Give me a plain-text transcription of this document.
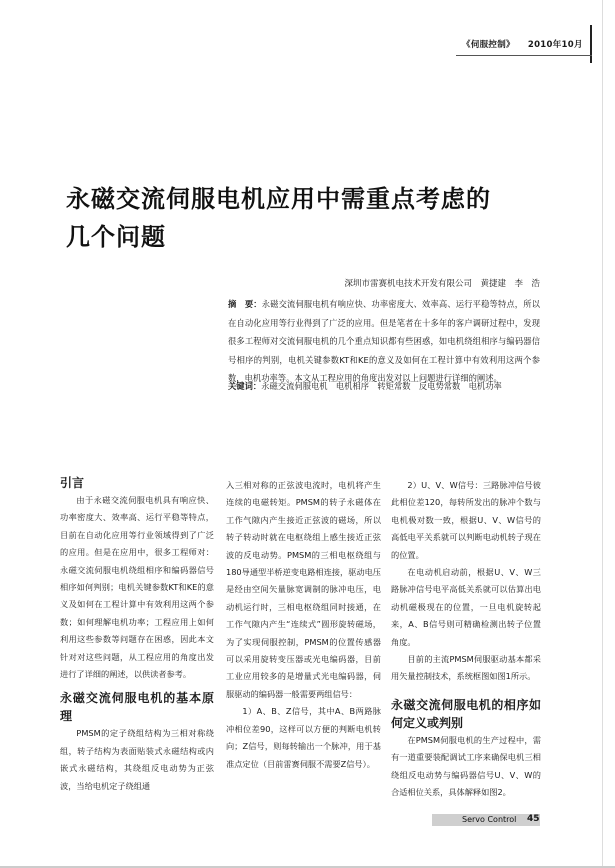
《伺服控制》 2010年10月
永磁交流伺服电机应用中需重点考虑的
几个问题
深圳市雷赛机电技术开发有限公司　黄捷建　李　浩
摘　要：永磁交流伺服电机有响应快、功率密度大、效率高、运行平稳等特点，所以在自动化应用等行业得到了广泛的应用。但是笔者在十多年的客户调研过程中，发现很多工程师对交流伺服电机的几个重点知识都有些困惑，如电机绕组相序与编码器信号相序的判别，电机关键参数KT和KE的意义及如何在工程计算中有效利用这两个参数，电机功率等。本文从工程应用的角度出发对以上问题进行详细的阐述。
关键词：永磁交流伺服电机　电机相序　转矩常数　反电势常数　电机功率

引言

由于永磁交流伺服电机具有响应快、功率密度大、效率高、运行平稳等特点，目前在自动化应用等行业领域得到了广泛的应用。但是在应用中，很多工程师对：永磁交流伺服电机绕组相序和编码器信号相序如何判别；电机关键参数KT和KE的意义及如何在工程计算中有效利用这两个参数；如何理解电机功率；工程应用上如何利用这些参数等问题存在困惑，因此本文针对对这些问题，从工程应用的角度出发进行了详细的阐述，以供读者参考。

永磁交流伺服电机的基本原理

PMSM的定子绕组结构为三相对称绕组，转子结构为表面贴装式永磁结构或内嵌式永磁结构，其绕组反电动势为正弦波，当给电机定子绕组通

入三相对称的正弦波电流时，电机将产生连续的电磁转矩。PMSM的转子永磁体在工作气隙内产生接近正弦波的磁场，所以转子转动时就在电枢绕组上感生接近正弦波的反电动势。PMSM的三相电枢绕组与180导通型半桥逆变电路相连接，驱动电压是经由空间矢量脉宽调制的脉冲电压，电动机运行时，三相电枢绕组同时接通，在工作气隙内产生“连续式”圆形旋转磁场，为了实现伺服控制，PMSM的位置传感器可以采用旋转变压器或光电编码器，目前工业应用较多的是增量式光电编码器，伺服驱动的编码器一般需要两组信号：

1）A、B、Z信号，其中A、B两路脉冲相位差90，这样可以方便的判断电机转向；Z信号，则每转输出一个脉冲，用于基准点定位（目前雷赛伺服不需要Z信号）。

2）U、V、W信号：三路脉冲信号彼此相位差120，每转所发出的脉冲个数与电机极对数一致，根据U、V、W信号的高低电平关系就可以判断电动机转子现在的位置。

在电动机启动前，根据U、V、W三路脉冲信号电平高低关系就可以估算出电动机磁极现在的位置，一旦电机旋转起来，A、B信号则可精确检测出转子位置角度。

目前的主流PMSM伺服驱动基本都采用矢量控制技术，系统框图如图1所示。

永磁交流伺服电机的相序如何定义或判别

在PMSM伺服电机的生产过程中，需有一道重要装配调试工序来确保电机三相绕组反电动势与编码器信号U、V、W的合适相位关系，具体解释如图2。

Servo Control 45
